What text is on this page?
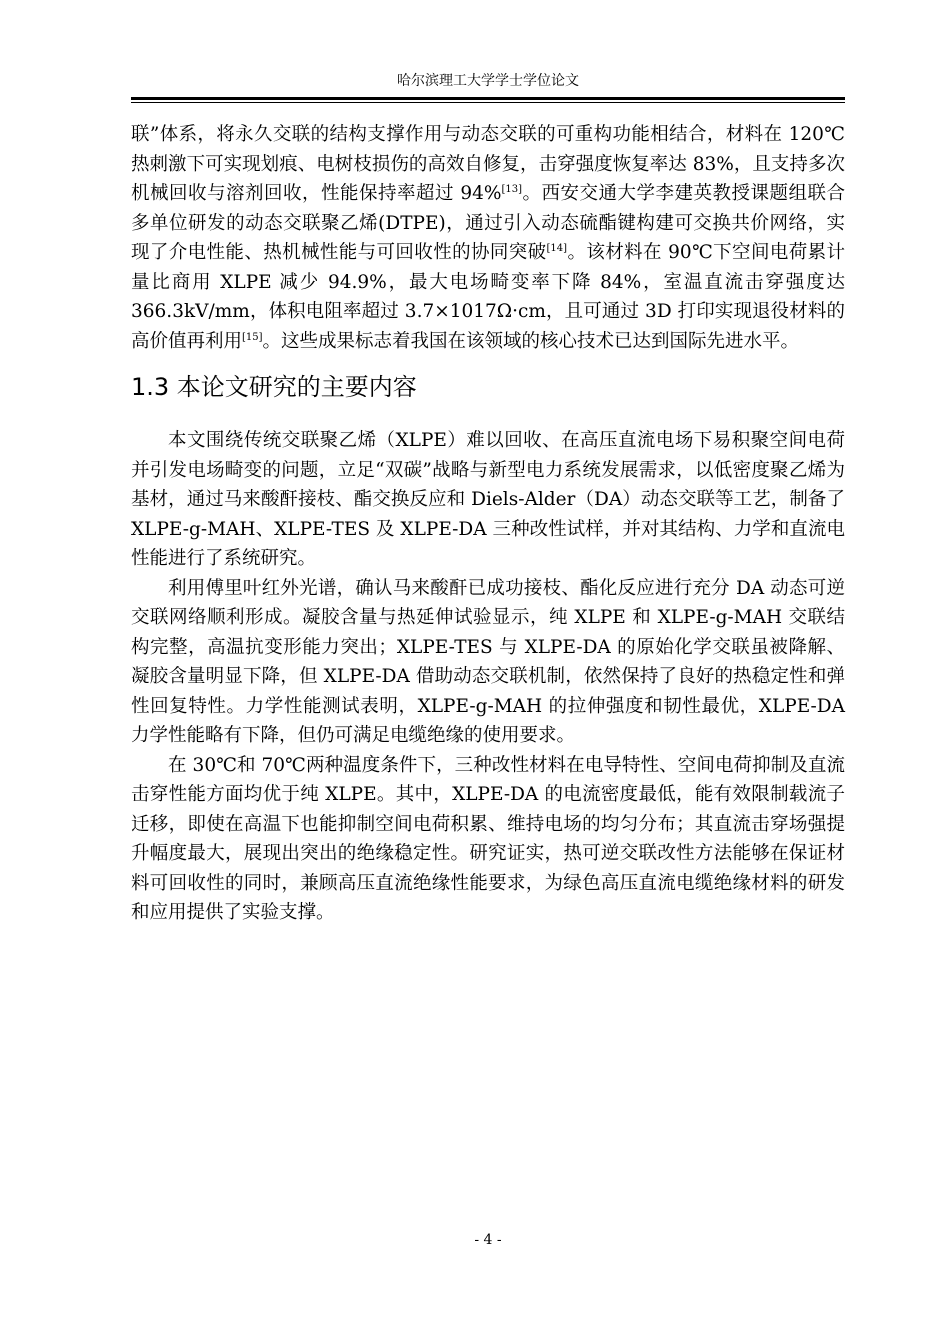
哈尔滨理工大学学士学位论文

联”体系，将永久交联的结构支撑作用与动态交联的可重构功能相结合，材料在 120℃热刺激下可实现划痕、电树枝损伤的高效自修复，击穿强度恢复率达 83%，且支持多次机械回收与溶剂回收，性能保持率超过 94%[13]。西安交通大学李建英教授课题组联合多单位研发的动态交联聚乙烯(DTPE)，通过引入动态硫酯键构建可交换共价网络，实现了介电性能、热机械性能与可回收性的协同突破[14]。该材料在 90℃下空间电荷累计量比商用 XLPE 减少 94.9%，最大电场畸变率下降 84%，室温直流击穿强度达 366.3kV/mm，体积电阻率超过 3.7×1017Ω·cm，且可通过 3D 打印实现退役材料的高价值再利用[15]。这些成果标志着我国在该领域的核心技术已达到国际先进水平。

1.3 本论文研究的主要内容

本文围绕传统交联聚乙烯（XLPE）难以回收、在高压直流电场下易积聚空间电荷并引发电场畸变的问题，立足“双碳”战略与新型电力系统发展需求，以低密度聚乙烯为基材，通过马来酸酐接枝、酯交换反应和 Diels-Alder（DA）动态交联等工艺，制备了 XLPE-g-MAH、XLPE-TES 及 XLPE-DA 三种改性试样，并对其结构、力学和直流电性能进行了系统研究。

利用傅里叶红外光谱，确认马来酸酐已成功接枝、酯化反应进行充分 DA 动态可逆交联网络顺利形成。凝胶含量与热延伸试验显示，纯 XLPE 和 XLPE-g-MAH 交联结构完整，高温抗变形能力突出；XLPE-TES 与 XLPE-DA 的原始化学交联虽被降解、凝胶含量明显下降，但 XLPE-DA 借助动态交联机制，依然保持了良好的热稳定性和弹性回复特性。力学性能测试表明，XLPE-g-MAH 的拉伸强度和韧性最优，XLPE-DA 力学性能略有下降，但仍可满足电缆绝缘的使用要求。

在 30℃和 70℃两种温度条件下，三种改性材料在电导特性、空间电荷抑制及直流击穿性能方面均优于纯 XLPE。其中，XLPE-DA 的电流密度最低，能有效限制载流子迁移，即使在高温下也能抑制空间电荷积累、维持电场的均匀分布；其直流击穿场强提升幅度最大，展现出突出的绝缘稳定性。研究证实，热可逆交联改性方法能够在保证材料可回收性的同时，兼顾高压直流绝缘性能要求，为绿色高压直流电缆绝缘材料的研发和应用提供了实验支撑。

- 4 -
